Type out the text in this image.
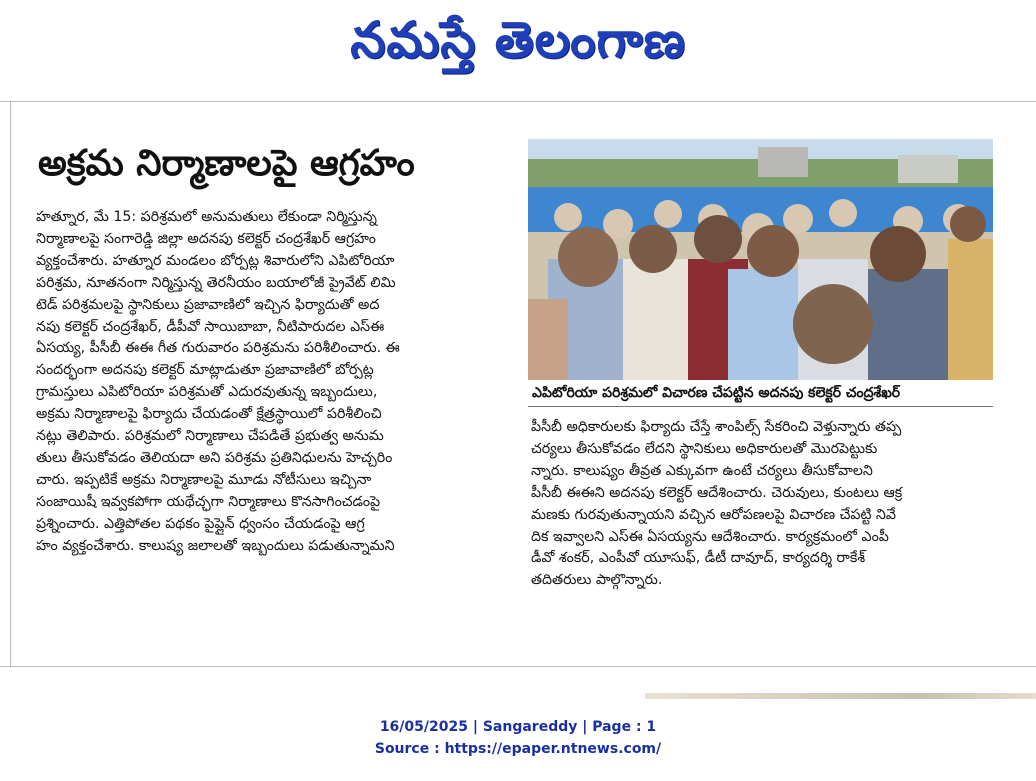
నమస్తే తెలంగాణ
అక్రమ నిర్మాణాలపై ఆగ్రహం
హత్నూర, మే 15: పరిశ్రమలో అనుమతులు లేకుండా నిర్మిస్తున్న
నిర్మాణాలపై సంగారెడ్డి జిల్లా అదనపు కలెక్టర్ చంద్రశేఖర్ ఆగ్రహం
వ్యక్తంచేశారు. హత్నూర మండలం బోర్పట్ల శివారులోని ఎపిటోరియా
పరిశ్రమ, నూతనంగా నిర్మిస్తున్న తెరనీయం బయాలోజీ ప్రైవేట్ లిమి
టెడ్ పరిశ్రమలపై స్థానికులు ప్రజావాణిలో ఇచ్చిన ఫిర్యాదుతో అద
నపు కలెక్టర్ చంద్రశేఖర్, డీపీవో సాయిబాబా, నీటిపారుదల ఎస్ఈ
ఏసయ్య, పీసీబీ ఈఈ గీత గురువారం పరిశ్రమను పరిశీలించారు. ఈ
సందర్భంగా అదనపు కలెక్టర్ మాట్లాడుతూ ప్రజావాణిలో బోర్పట్ల
గ్రామస్తులు ఎపిటోరియా పరిశ్రమతో ఎదురవుతున్న ఇబ్బందులు,
అక్రమ నిర్మాణాలపై ఫిర్యాదు చేయడంతో క్షేత్రస్థాయిలో పరిశీలించి
నట్లు తెలిపారు. పరిశ్రమలో నిర్మాణాలు చేపడితే ప్రభుత్వ అనుమ
తులు తీసుకోవడం తెలియదా అని పరిశ్రమ ప్రతినిధులను హెచ్చరిం
చారు. ఇప్పటికే అక్రమ నిర్మాణాలపై మూడు నోటీసులు ఇచ్చినా
సంజాయిషీ ఇవ్వకపోగా యథేచ్ఛగా నిర్మాణాలు కొనసాగించడంపై
ప్రశ్నించారు. ఎత్తిపోతల పథకం పైప్లైన్ ధ్వంసం చేయడంపై ఆగ్ర
హం వ్యక్తంచేశారు. కాలుష్య జలాలతో ఇబ్బందులు పడుతున్నామని
ఎపిటోరియా పరిశ్రమలో విచారణ చేపట్టిన అదనపు కలెక్టర్ చంద్రశేఖర్
పీసీబీ అధికారులకు ఫిర్యాదు చేస్తే శాంపిల్స్ సేకరించి వెళ్తున్నారు తప్ప
చర్యలు తీసుకోవడం లేదని స్థానికులు అధికారులతో మొరపెట్టుకు
న్నారు. కాలుష్యం తీవ్రత ఎక్కువగా ఉంటే చర్యలు తీసుకోవాలని
పీసీబీ ఈఈని అదనపు కలెక్టర్ ఆదేశించారు. చెరువులు, కుంటలు ఆక్ర
మణకు గురవుతున్నాయని వచ్చిన ఆరోపణలపై విచారణ చేపట్టి నివే
దిక ఇవ్వాలని ఎస్ఈ ఏసయ్యను ఆదేశించారు. కార్యక్రమంలో ఎంపీ
డీవో శంకర్, ఎంపీవో యూసుఫ్, డీటీ దావూద్, కార్యదర్శి రాకేశ్
తదితరులు పాల్గొన్నారు.
16/05/2025 | Sangareddy | Page : 1
Source : https://epaper.ntnews.com/
